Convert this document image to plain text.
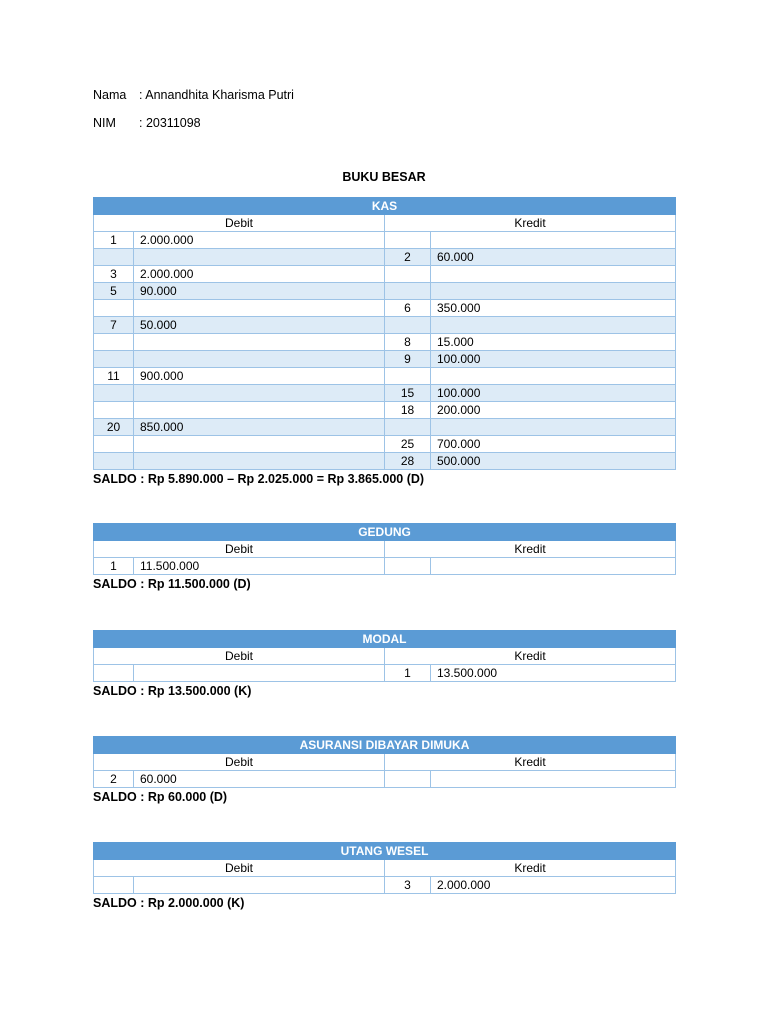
Nama : Annandhita Kharisma Putri
NIM : 20311098
BUKU BESAR
KAS			
Debit		Kredit	
1	2.000.000		
		2	60.000
3	2.000.000		
5	90.000		
		6	350.000
7	50.000		
		8	15.000
		9	100.000
11	900.000		
		15	100.000
		18	200.000
20	850.000		
		25	700.000
		28	500.000
SALDO : Rp 5.890.000 – Rp 2.025.000 = Rp 3.865.000 (D)
GEDUNG			
Debit		Kredit	
1	11.500.000		
SALDO : Rp 11.500.000 (D)
MODAL			
Debit		Kredit	
		1	13.500.000
SALDO : Rp 13.500.000 (K)
ASURANSI DIBAYAR DIMUKA			
Debit		Kredit	
2	60.000		
SALDO : Rp 60.000 (D)
UTANG WESEL			
Debit		Kredit	
		3	2.000.000
SALDO : Rp 2.000.000 (K)
